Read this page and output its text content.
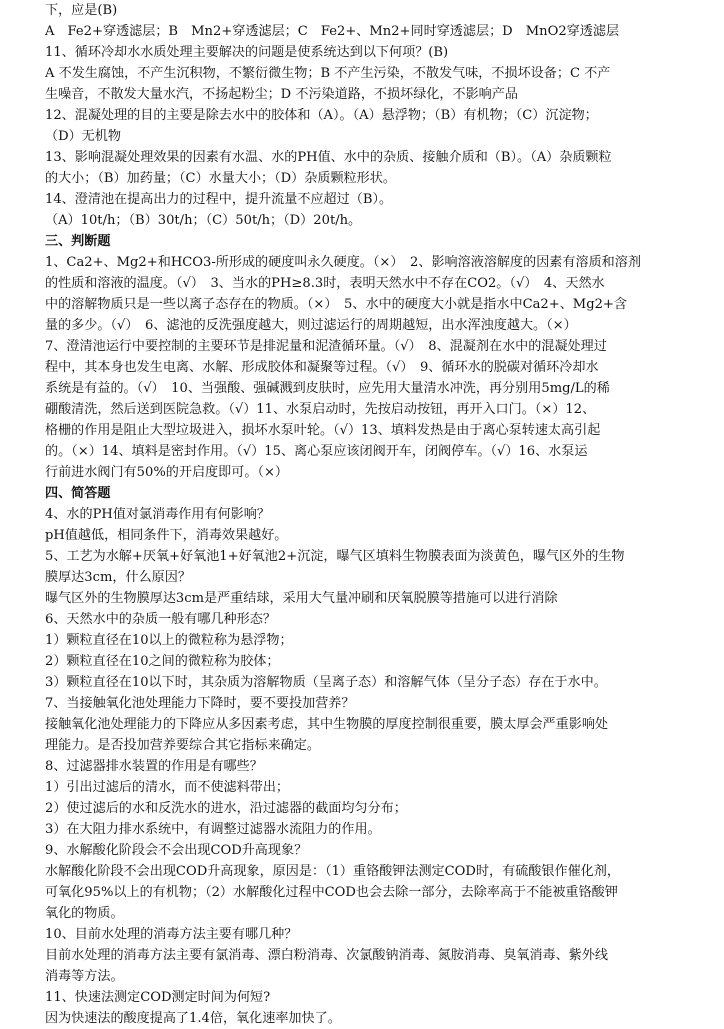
下，应是(B)
A　Fe2+穿透滤层；B　Mn2+穿透滤层；C　Fe2+、Mn2+同时穿透滤层；D　MnO2穿透滤层
11、循环冷却水水质处理主要解决的问题是使系统达到以下何项？(B)
A 不发生腐蚀，不产生沉积物，不繁衍微生物；B 不产生污染，不散发气味，不损坏设备；C 不产
生噪音，不散发大量水汽，不扬起粉尘；D 不污染道路，不损坏绿化，不影响产品
12、混凝处理的目的主要是除去水中的胶体和（A）。（A）悬浮物；（B）有机物；（C）沉淀物；
（D）无机物
13、影响混凝处理效果的因素有水温、水的PH值、水中的杂质、接触介质和（B）。（A）杂质颗粒
的大小；（B）加药量；（C）水量大小；（D）杂质颗粒形状。
14、澄清池在提高出力的过程中，提升流量不应超过（B）。
（A）10t/h；（B）30t/h；（C）50t/h；（D）20t/h。
三、判断题
1、Ca2+、Mg2+和HCO3-所形成的硬度叫永久硬度。（×）　2、影响溶液溶解度的因素有溶质和溶剂
的性质和溶液的温度。（√）　3、当水的PH≥8.3时，表明天然水中不存在CO2。（√）　4、天然水
中的溶解物质只是一些以离子态存在的物质。（×）　5、水中的硬度大小就是指水中Ca2+、Mg2+含
量的多少。（√）　6、滤池的反洗强度越大，则过滤运行的周期越短，出水浑浊度越大。（×）
7、澄清池运行中要控制的主要环节是排泥量和泥渣循环量。（√）　8、混凝剂在水中的混凝处理过
程中，其本身也发生电离、水解、形成胶体和凝聚等过程。（√）　9、循环水的脱碳对循环冷却水
系统是有益的。（√）　10、当强酸、强碱溅到皮肤时，应先用大量清水冲洗，再分别用5mg/L的稀
硼酸清洗，然后送到医院急救。（√）11、水泵启动时，先按启动按钮，再开入口门。（×）12、
格栅的作用是阻止大型垃圾进入，损坏水泵叶轮。（√）13、填料发热是由于离心泵转速太高引起
的。（×）14、填料是密封作用。（√）15、离心泵应该闭阀开车，闭阀停车。（√）16、水泵运
行前进水阀门有50%的开启度即可。（×）
四、简答题
4、水的PH值对氯消毒作用有何影响？
pH值越低，相同条件下，消毒效果越好。
5、工艺为水解+厌氧+好氧池1+好氧池2+沉淀，曝气区填料生物膜表面为淡黄色，曝气区外的生物
膜厚达3cm，什么原因？
曝气区外的生物膜厚达3cm是严重结球，采用大气量冲刷和厌氧脱膜等措施可以进行消除
6、天然水中的杂质一般有哪几种形态？
1）颗粒直径在10以上的微粒称为悬浮物；
2）颗粒直径在10之间的微粒称为胶体；
3）颗粒直径在10以下时，其杂质为溶解物质（呈离子态）和溶解气体（呈分子态）存在于水中。
7、当接触氧化池处理能力下降时，要不要投加营养？
接触氧化池处理能力的下降应从多因素考虑，其中生物膜的厚度控制很重要，膜太厚会严重影响处
理能力。是否投加营养要综合其它指标来确定。
8、过滤器排水装置的作用是有哪些？
1）引出过滤后的清水，而不使滤料带出；
2）使过滤后的水和反洗水的进水，沿过滤器的截面均匀分布；
3）在大阻力排水系统中，有调整过滤器水流阻力的作用。
9、水解酸化阶段会不会出现COD升高现象？
水解酸化阶段不会出现COD升高现象，原因是：（1）重铬酸钾法测定COD时，有硫酸银作催化剂，
可氧化95%以上的有机物；（2）水解酸化过程中COD也会去除一部分，去除率高于不能被重铬酸钾
氧化的物质。
10、目前水处理的消毒方法主要有哪几种？
目前水处理的消毒方法主要有氯消毒、漂白粉消毒、次氯酸钠消毒、氮胺消毒、臭氧消毒、紫外线
消毒等方法。
11、快速法测定COD测定时间为何短?
因为快速法的酸度提高了1.4倍，氧化速率加快了。
